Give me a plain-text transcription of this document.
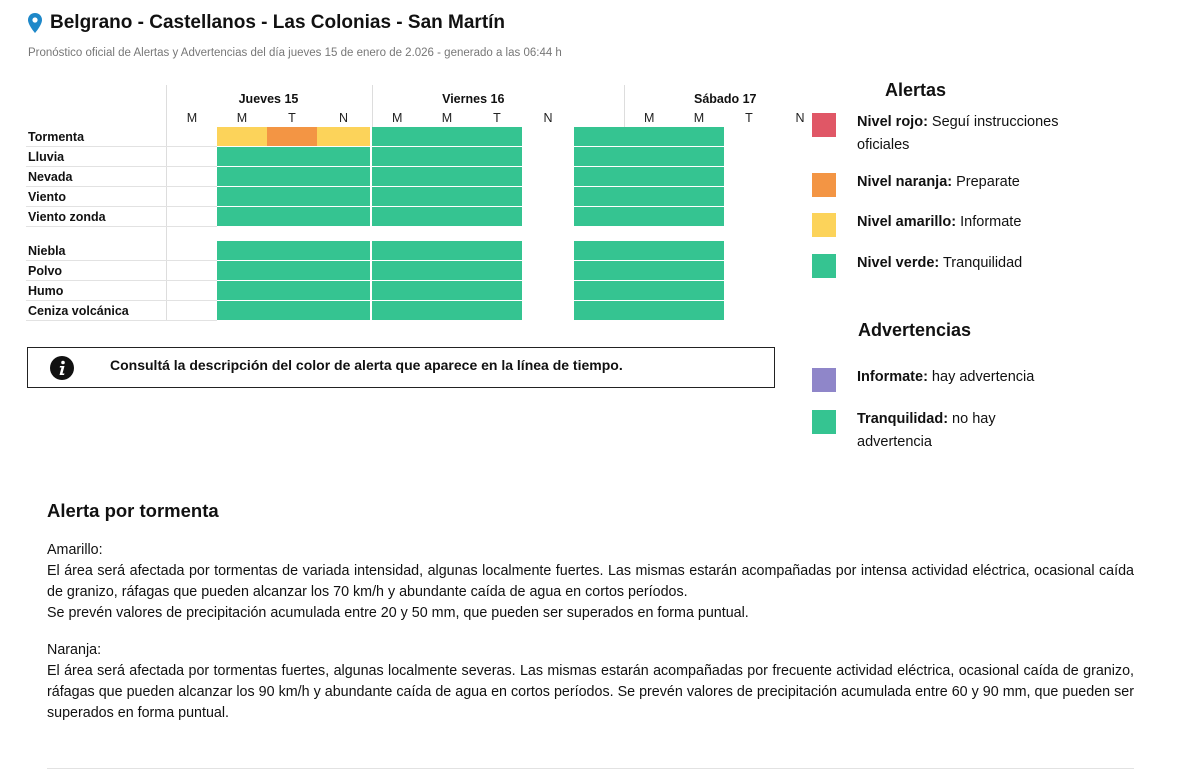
Belgrano - Castellanos - Las Colonias - San Martín
Pronóstico oficial de Alertas y Advertencias del día jueves 15 de enero de 2.026 - generado a las 06:44 h
	Jueves 15					Viernes 16					Sábado 17			
	M	M	T	N		M	M	T	N		M	M	T	N
Tormenta														
Lluvia														
Nevada														
Viento														
Viento zonda														

Niebla														
Polvo														
Humo														
Ceniza volcánica														
Consultá la descripción del color de alerta que aparece en la línea de tiempo.
Alertas
Nivel rojo: Seguí instrucciones oficiales
Nivel naranja: Preparate
Nivel amarillo: Informate
Nivel verde: Tranquilidad
Advertencias
Informate: hay advertencia
Tranquilidad: no hay advertencia
Alerta por tormenta

Amarillo:

El área será afectada por tormentas de variada intensidad, algunas localmente fuertes. Las mismas estarán acompañadas por intensa actividad eléctrica, ocasional caída de granizo, ráfagas que pueden alcanzar los 70 km/h y abundante caída de agua en cortos períodos.

Se prevén valores de precipitación acumulada entre 20 y 50 mm, que pueden ser superados en forma puntual.

Naranja:

El área será afectada por tormentas fuertes, algunas localmente severas. Las mismas estarán acompañadas por frecuente actividad eléctrica, ocasional caída de granizo, ráfagas que pueden alcanzar los 90 km/h y abundante caída de agua en cortos períodos. Se prevén valores de precipitación acumulada entre 60 y 90 mm, que pueden ser superados en forma puntual.
